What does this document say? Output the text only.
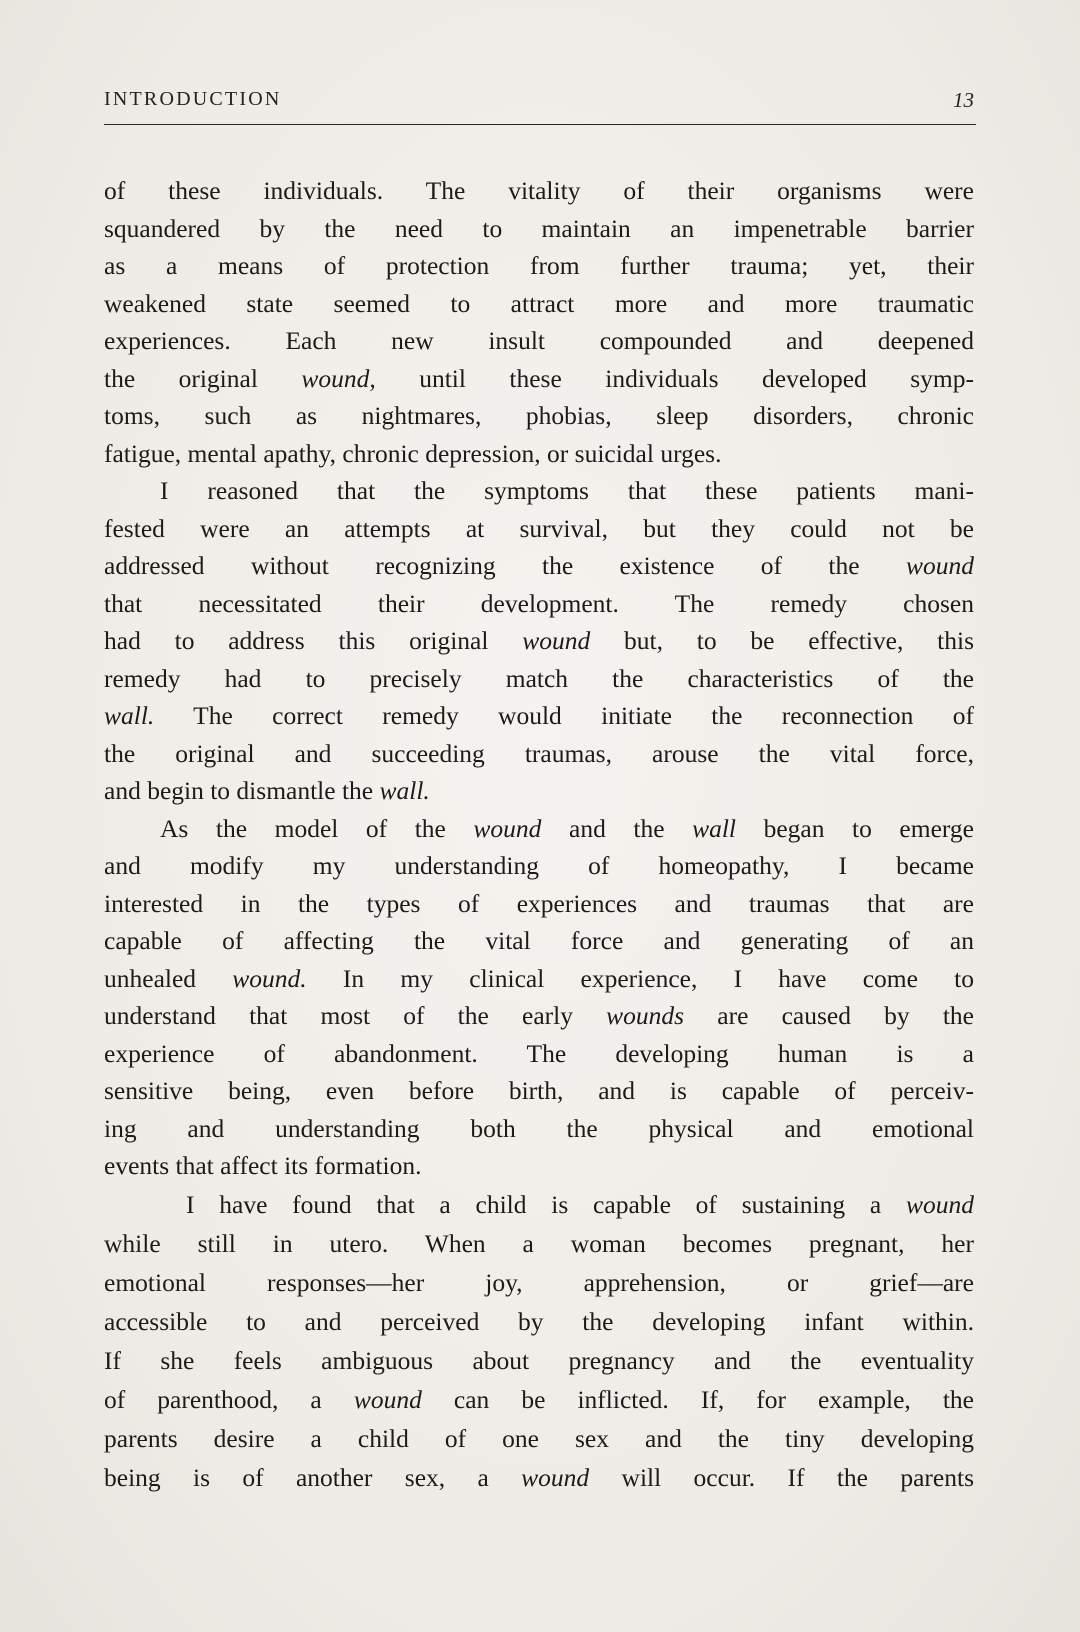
INTRODUCTION	13
of these individuals. The vitality of their organisms were
squandered by the need to maintain an impenetrable barrier
as a means of protection from further trauma; yet, their
weakened state seemed to attract more and more traumatic
experiences. Each new insult compounded and deepened
the original wound, until these individuals developed symp-
toms, such as nightmares, phobias, sleep disorders, chronic
fatigue, mental apathy, chronic depression, or suicidal urges.
I reasoned that the symptoms that these patients mani-
fested were an attempts at survival, but they could not be
addressed without recognizing the existence of the wound
that necessitated their development. The remedy chosen
had to address this original wound but, to be effective, this
remedy had to precisely match the characteristics of the
wall. The correct remedy would initiate the reconnection of
the original and succeeding traumas, arouse the vital force,
and begin to dismantle the wall.
As the model of the wound and the wall began to emerge
and modify my understanding of homeopathy, I became
interested in the types of experiences and traumas that are
capable of affecting the vital force and generating of an
unhealed wound. In my clinical experience, I have come to
understand that most of the early wounds are caused by the
experience of abandonment. The developing human is a
sensitive being, even before birth, and is capable of perceiv-
ing and understanding both the physical and emotional
events that affect its formation.
I have found that a child is capable of sustaining a wound
while still in utero. When a woman becomes pregnant, her
emotional responses—her joy, apprehension, or grief—are
accessible to and perceived by the developing infant within.
If she feels ambiguous about pregnancy and the eventuality
of parenthood, a wound can be inflicted. If, for example, the
parents desire a child of one sex and the tiny developing
being is of another sex, a wound will occur. If the parents
